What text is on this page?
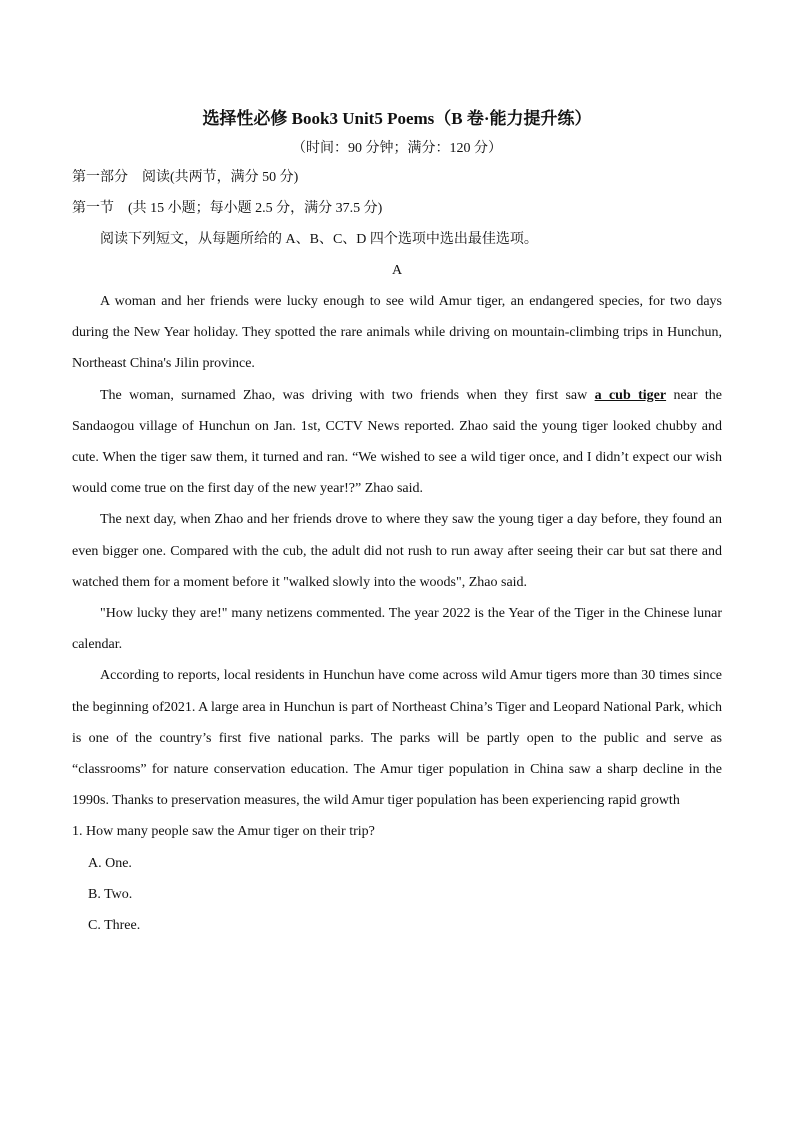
选择性必修 Book3 Unit5 Poems（B 卷·能力提升练）
（时间：90 分钟；满分：120 分）
第一部分　阅读(共两节，满分 50 分)
第一节　(共 15 小题；每小题 2.5 分，满分 37.5 分)
阅读下列短文，从每题所给的 A、B、C、D 四个选项中选出最佳选项。
A

A woman and her friends were lucky enough to see wild Amur tiger, an endangered species, for two days during the New Year holiday. They spotted the rare animals while driving on mountain-climbing trips in Hunchun, Northeast China's Jilin province.

The woman, surnamed Zhao, was driving with two friends when they first saw a cub tiger near the Sandaogou village of Hunchun on Jan. 1st, CCTV News reported. Zhao said the young tiger looked chubby and cute. When the tiger saw them, it turned and ran. “We wished to see a wild tiger once, and I didn’t expect our wish would come true on the first day of the new year!?” Zhao said.

The next day, when Zhao and her friends drove to where they saw the young tiger a day before, they found an even bigger one. Compared with the cub, the adult did not rush to run away after seeing their car but sat there and watched them for a moment before it "walked slowly into the woods", Zhao said.

"How lucky they are!" many netizens commented. The year 2022 is the Year of the Tiger in the Chinese lunar calendar.

According to reports, local residents in Hunchun have come across wild Amur tigers more than 30 times since the beginning of2021. A large area in Hunchun is part of Northeast China’s Tiger and Leopard National Park, which is one of the country’s first five national parks. The parks will be partly open to the public and serve as “classrooms” for nature conservation education. The Amur tiger population in China saw a sharp decline in the 1990s. Thanks to preservation measures, the wild Amur tiger population has been experiencing rapid growth

1. How many people saw the Amur tiger on their trip?
A. One.
B. Two.
C. Three.
